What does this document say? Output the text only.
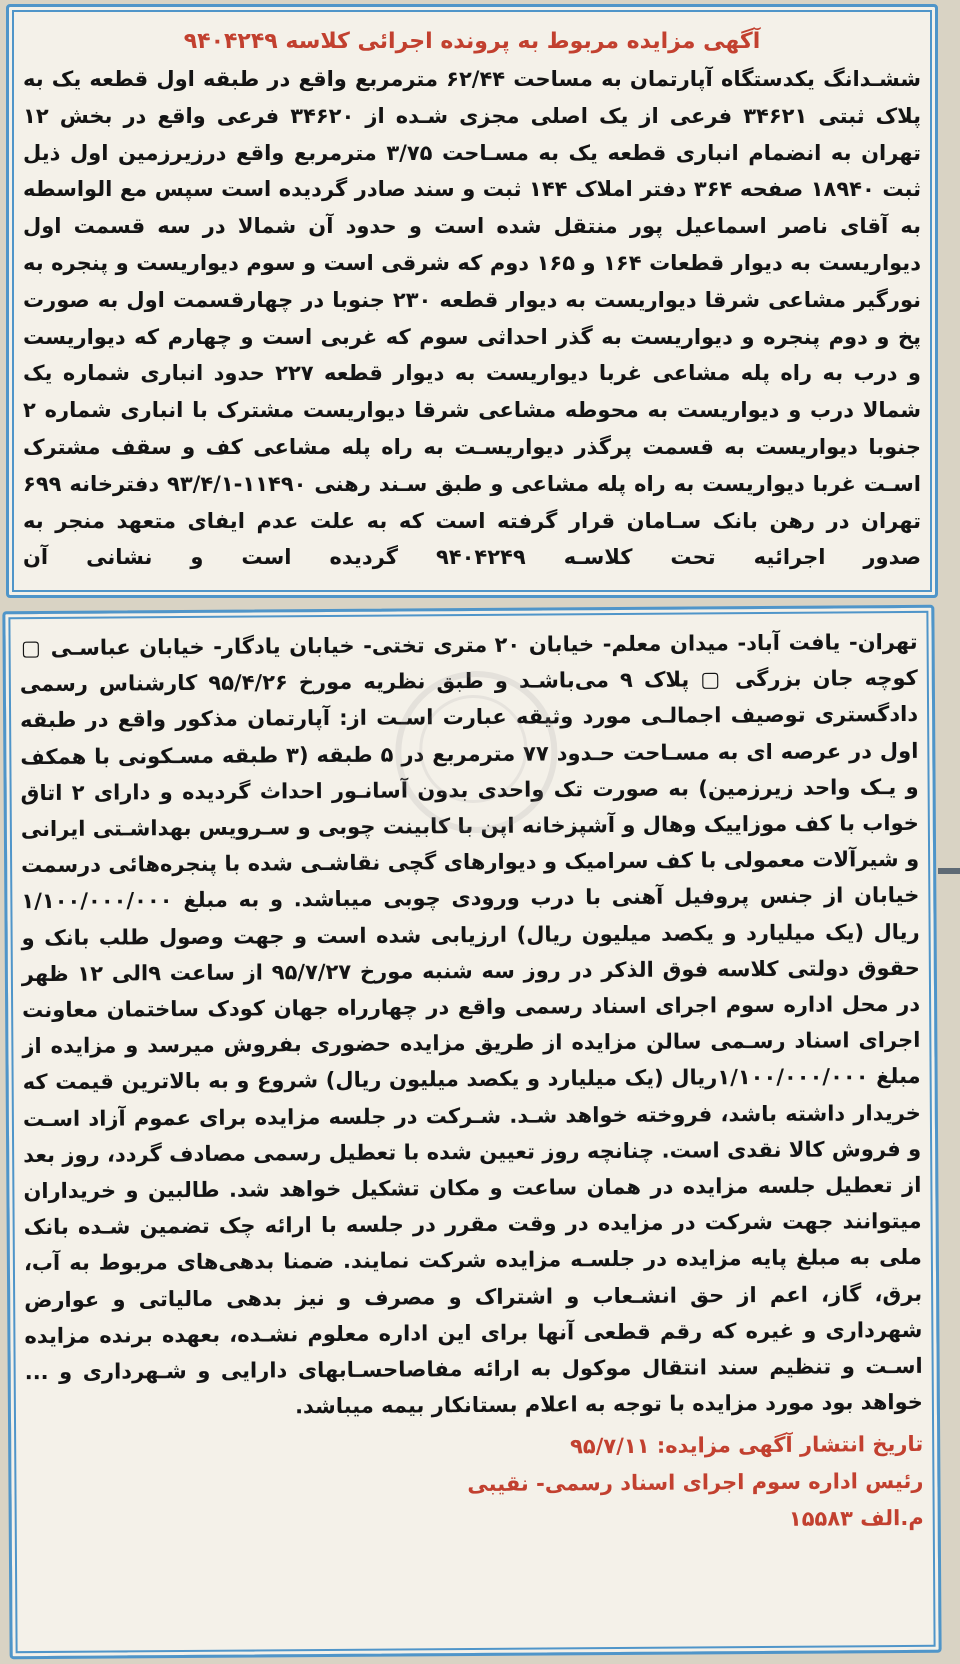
آگهی مزایده مربوط به پرونده اجرائی کلاسه ۹۴۰۴۲۴۹

ششـدانگ یکدستگاه آپارتمان به مساحت ۶۲/۴۴ مترمربع واقع در طبقه اول قطعه یک به پلاک ثبتی ۳۴۶۲۱ فرعی از یک اصلی مجزی شـده از ۳۴۶۲۰ فرعی واقع در بخش ۱۲ تهران به انضمام انباری قطعه یک به مسـاحت ۳/۷۵ مترمربع واقع درزیرزمین اول ذیل ثبت ۱۸۹۴۰ صفحه ۳۶۴ دفتر املاک ۱۴۴ ثبت و سند صادر گردیده است سپس مع الواسطه به آقای ناصر اسماعیل پور منتقل شده است و حدود آن شمالا در سه قسمت اول دیواریست به دیوار قطعات ۱۶۴ و ۱۶۵ دوم که شرقی است و سوم دیواریست و پنجره به نورگیر مشاعی شرقا دیواریست به دیوار قطعه ۲۳۰ جنوبا در چهارقسمت اول به صورت پخ و دوم پنجره و دیواریست به گذر احداثی سوم که غربی است و چهارم که دیواریست و درب به راه پله مشاعی غربا دیواریست به دیوار قطعه ۲۲۷ حدود انباری شماره یک شمالا درب و دیواریست به محوطه مشاعی شرقا دیواریست مشترک با انباری شماره ۲ جنوبا دیواریست به قسمت پرگذر دیواریسـت به راه پله مشاعی کف و سقف مشترک اسـت غربا دیواریست به راه پله مشاعی و طبق سـند رهنی ۱۱۴۹۰-۹۳/۴/۱ دفترخانه ۶۹۹ تهران در رهن بانک سـامان قرار گرفته است که به علت عدم ایفای متعهد منجر به صدور اجرائیه تحت کلاسـه ۹۴۰۴۲۴۹ گردیده است و نشانی آن

تهران- یافت آباد- میدان معلم- خیابان ۲۰ متری تختی- خیابان یادگار- خیابان عباسـی ▢ کوچه جان بزرگی ▢ پلاک ۹ می‌باشـد و طبق نظریه مورخ ۹۵/۴/۲۶ کارشناس رسمی دادگستری توصیف اجمالـی مورد وثیقه عبارت اسـت از: آپارتمان مذکور واقع در طبقه اول در عرصه ای به مسـاحت حـدود ۷۷ مترمربع در ۵ طبقه (۳ طبقه مسـکونی با همکف و یـک واحد زیرزمین) به صورت تک واحدی بدون آسانـور احداث گردیده و دارای ۲ اتاق خواب با کف موزاییک وهال و آشپزخانه اپن با کابینت چوبی و سـرویس بهداشـتی ایرانی و شیرآلات معمولی با کف سرامیک و دیوارهای گچی نقاشـی شده با پنجره‌هائی درسمت خیابان از جنس پروفیل آهنی با درب ورودی چوبی میباشد. و به مبلغ ۱/۱۰۰/۰۰۰/۰۰۰ ریال (یک میلیارد و یکصد میلیون ریال) ارزیابی شده است و جهت وصول طلب بانک و حقوق دولتی کلاسه فوق الذکر در روز سه شنبه مورخ ۹۵/۷/۲۷ از ساعت ۹الی ۱۲ ظهر در محل اداره سوم اجرای اسناد رسمی واقع در چهارراه جهان کودک ساختمان معاونت اجرای اسناد رسـمی سالن مزایده از طریق مزایده حضوری بفروش میرسد و مزایده از مبلغ ۱/۱۰۰/۰۰۰/۰۰۰ریال (یک میلیارد و یکصد میلیون ریال) شروع و به بالاترین قیمت که خریدار داشته باشد، فروخته خواهد شـد. شـرکت در جلسه مزایده برای عموم آزاد اسـت و فروش کالا نقدی است. چنانچه روز تعیین شده با تعطیل رسمی مصادف گردد، روز بعد از تعطیل جلسه مزایده در همان ساعت و مکان تشکیل خواهد شد. طالبین و خریداران میتوانند جهت شرکت در مزایده در وقت مقرر در جلسه با ارائه چک تضمین شـده بانک ملی به مبلغ پایه مزایده در جلسـه مزایده شرکت نمایند. ضمنا بدهی‌های مربوط به آب، برق، گاز، اعم از حق انشـعاب و اشتراک و مصرف و نیز بدهی مالیاتی و عوارض شهرداری و غیره که رقم قطعی آنها برای این اداره معلوم نشـده، بعهده برنده مزایده اسـت و تنظیم سند انتقال موکول به ارائه مفاصاحسـابهای دارایی و شـهرداری و ... خواهد بود مورد مزایده با توجه به اعلام بستانکار بیمه میباشد.

تاریخ انتشار آگهی مزایده: ۹۵/۷/۱۱
رئیس اداره سوم اجرای اسناد رسمی- نقیبی
م.الف ۱۵۵۸۳
